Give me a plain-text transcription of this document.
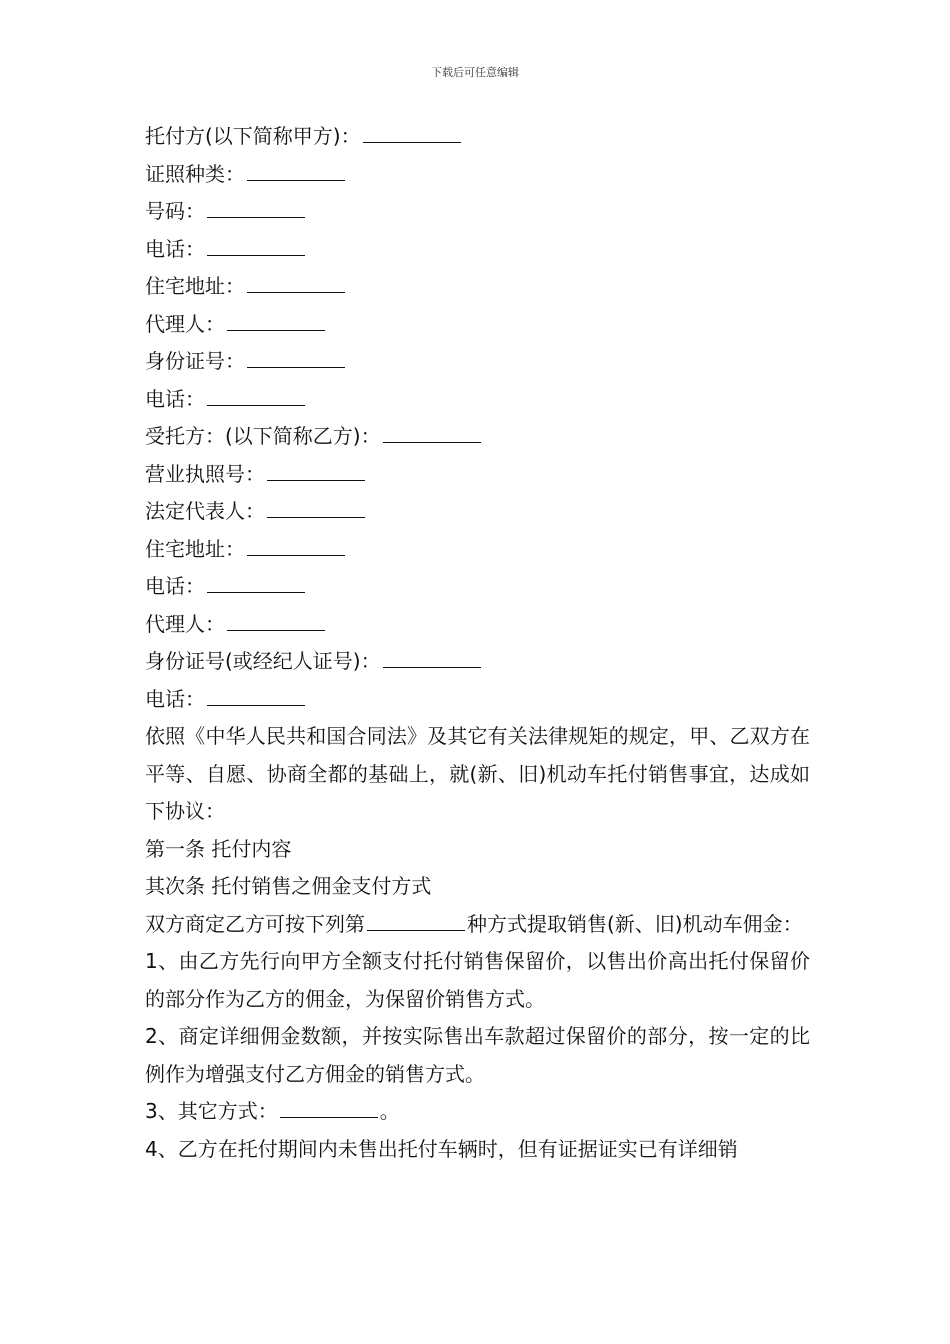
下载后可任意编辑
托付方(以下简称甲方)：
证照种类：
号码：
电话：
住宅地址：
代理人：
身份证号：
电话：
受托方：(以下简称乙方)：
营业执照号：
法定代表人：
住宅地址：
电话：
代理人：
身份证号(或经纪人证号)：
电话：
依照《中华人民共和国合同法》及其它有关法律规矩的规定，甲、乙双方在平等、自愿、协商全都的基础上，就(新、旧)机动车托付销售事宜，达成如下协议：
第一条 托付内容
其次条 托付销售之佣金支付方式
双方商定乙方可按下列第	种方式提取销售(新、旧)机动车佣金：
1、由乙方先行向甲方全额支付托付销售保留价，以售出价高出托付保留价的部分作为乙方的佣金，为保留价销售方式。
2、商定详细佣金数额，并按实际售出车款超过保留价的部分，按一定的比例作为增强支付乙方佣金的销售方式。
3、其它方式：	。
4、乙方在托付期间内未售出托付车辆时，但有证据证实已有详细销
